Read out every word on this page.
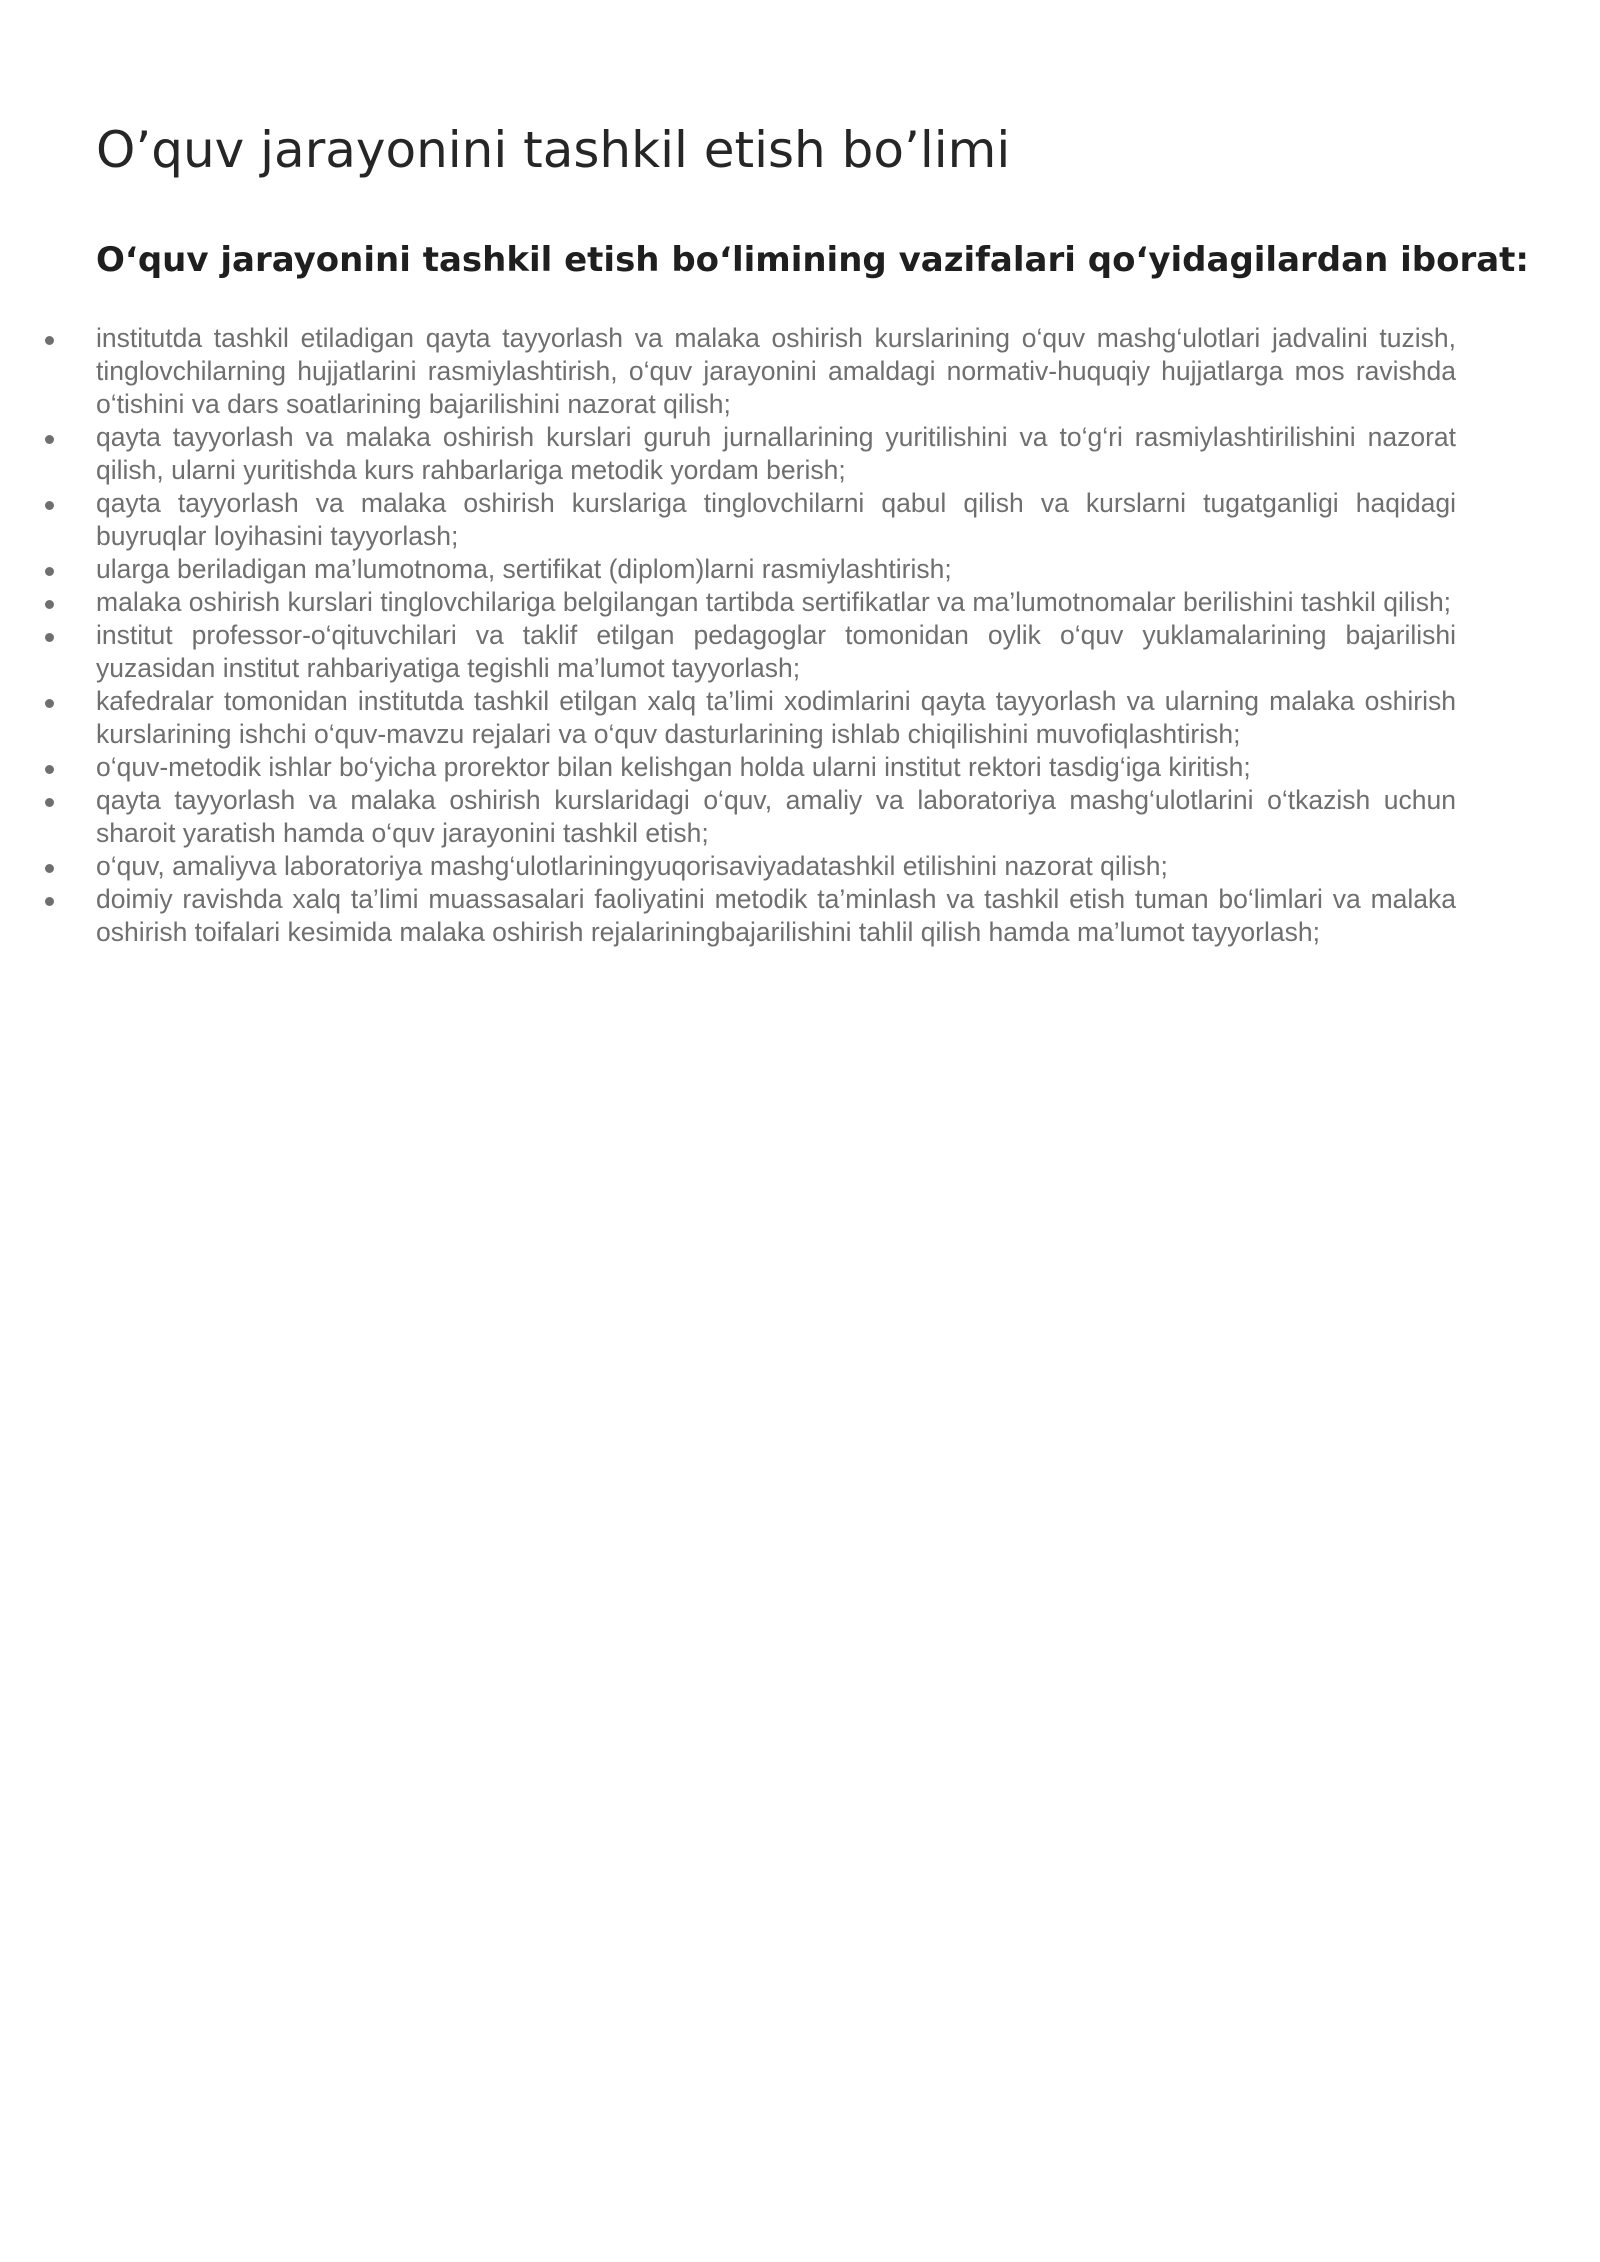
O’quv jarayonini tashkil etish bo’limi
O‘quv jarayonini tashkil etish bo‘limining vazifalari qo‘yidagilardan iborat:
institutda tashkil etiladigan qayta tayyorlash va malaka oshirish kurslarining o‘quv mashg‘ulotlari jadvalini tuzish, tinglovchilarning hujjatlarini rasmiylashtirish, o‘quv jarayonini amaldagi normativ-huquqiy hujjatlarga mos ravishda o‘tishini va dars soatlarining bajarilishini nazorat qilish;
qayta tayyorlash va malaka oshirish kurslari guruh jurnallarining yuritilishini va to‘g‘ri rasmiylashtirilishini nazorat qilish, ularni yuritishda kurs rahbarlariga metodik yordam berish;
qayta tayyorlash va malaka oshirish kurslariga tinglovchilarni qabul qilish va kurslarni tugatganligi haqidagi buyruqlar loyihasini tayyorlash;
ularga beriladigan ma’lumotnoma, sertifikat (diplom)larni rasmiylashtirish;
malaka oshirish kurslari tinglovchilariga belgilangan tartibda sertifikatlar va ma’lumotnomalar berilishini tashkil qilish;
institut professor-o‘qituvchilari va taklif etilgan pedagoglar tomonidan oylik o‘quv yuklamalarining bajarilishi yuzasidan institut rahbariyatiga tegishli ma’lumot tayyorlash;
kafedralar tomonidan institutda tashkil etilgan xalq ta’limi xodimlarini qayta tayyorlash va ularning malaka oshirish kurslarining ishchi o‘quv-mavzu rejalari va o‘quv dasturlarining ishlab chiqilishini muvofiqlashtirish;
o‘quv-metodik ishlar bo‘yicha prorektor bilan kelishgan holda ularni institut rektori tasdig‘iga kiritish;
qayta tayyorlash va malaka oshirish kurslaridagi o‘quv, amaliy va laboratoriya mashg‘ulotlarini o‘tkazish uchun sharoit yaratish hamda o‘quv jarayonini tashkil etish;
o‘quv, amaliyva laboratoriya mashg‘ulotlariningyuqorisaviyadatashkil etilishini nazorat qilish;
doimiy ravishda xalq ta’limi muassasalari faoliyatini metodik ta’minlash va tashkil etish tuman bo‘limlari va malaka oshirish toifalari kesimida malaka oshirish rejalariningbajarilishini tahlil qilish hamda ma’lumot tayyorlash;
